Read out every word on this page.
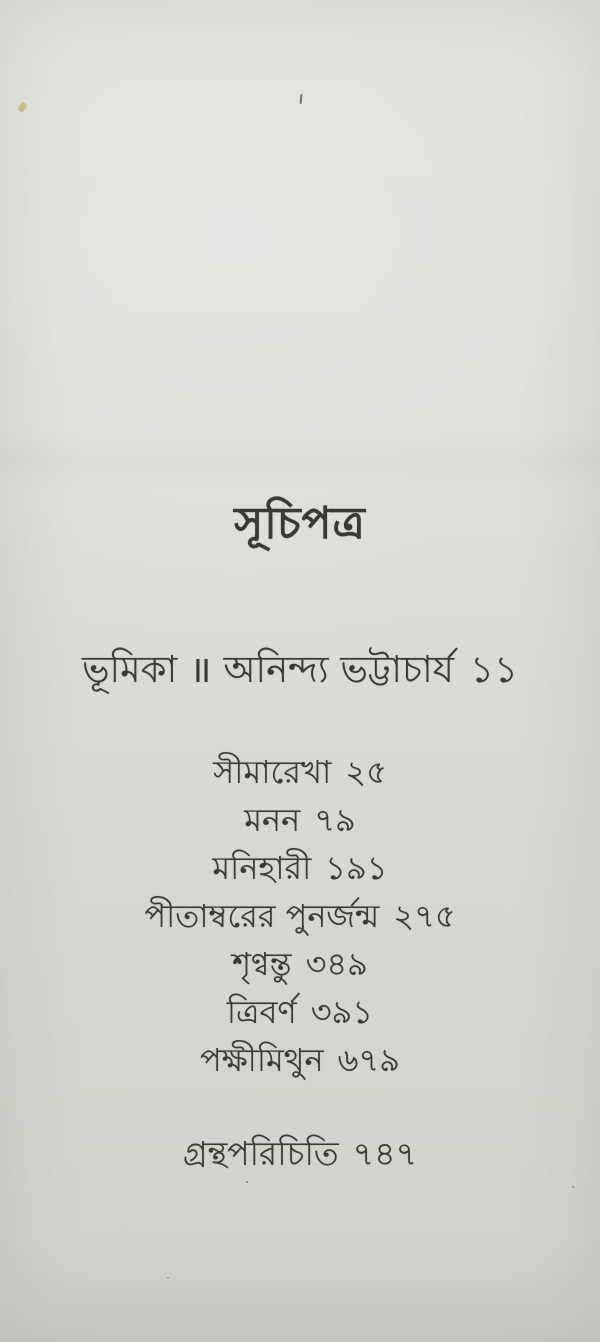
সূচিপত্র
ভূমিকা ॥ অনিন্দ্য ভট্টাচার্য ১১
সীমারেখা ২৫
মনন ৭৯
মনিহারী ১৯১
পীতাম্বরের পুনর্জন্ম ২৭৫
শৃণ্বন্তু ৩৪৯
ত্রিবর্ণ ৩৯১
পক্ষীমিথুন ৬৭৯
গ্রন্থপরিচিতি ৭৪৭
